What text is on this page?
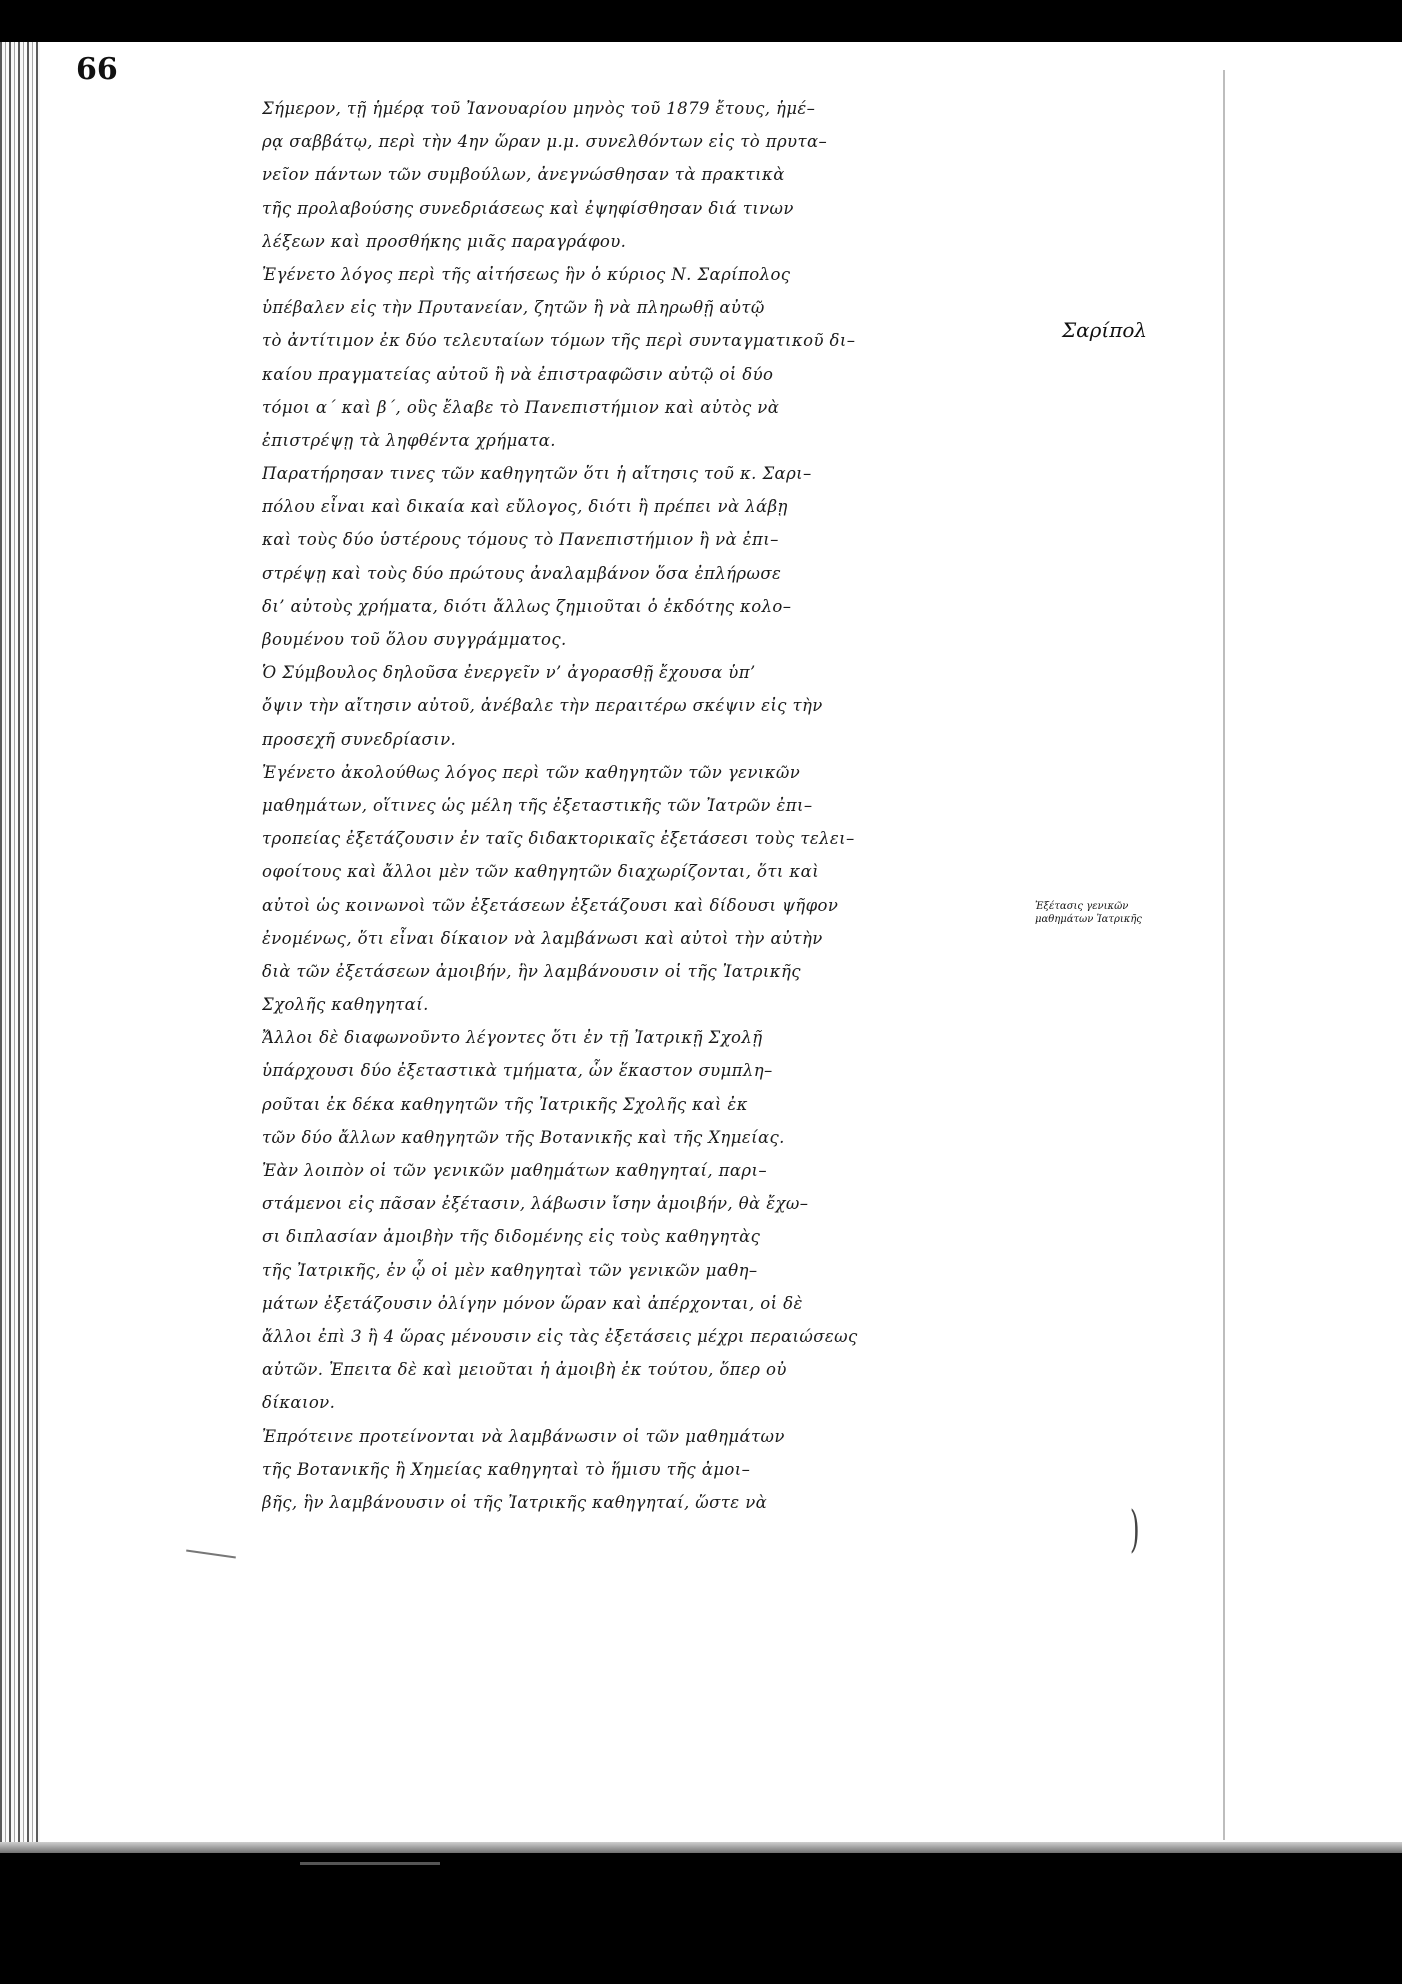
66
Σαρίπολ
Ἐξέτασις γενικῶν μαθημάτων Ἰατρικῆς
Σήμερον, τῇ ἡμέρᾳ τοῦ Ἰανουαρίου μηνὸς τοῦ 1879 ἔτους, ἡμέ–
ρᾳ σαββάτῳ, περὶ τὴν 4ην ὥραν μ.μ. συνελθόντων εἰς τὸ πρυτα–
νεῖον πάντων τῶν συμβούλων, ἀνεγνώσθησαν τὰ πρακτικὰ
τῆς προλαβούσης συνεδριάσεως καὶ ἐψηφίσθησαν διά τινων
λέξεων καὶ προσθήκης μιᾶς παραγράφου.
Ἐγένετο λόγος περὶ τῆς αἰτήσεως ἣν ὁ κύριος Ν. Σαρίπολος
ὑπέβαλεν εἰς τὴν Πρυτανείαν, ζητῶν ἢ νὰ πληρωθῇ αὐτῷ
τὸ ἀντίτιμον ἐκ δύο τελευταίων τόμων τῆς περὶ συνταγματικοῦ δι–
καίου πραγματείας αὐτοῦ ἢ νὰ ἐπιστραφῶσιν αὐτῷ οἱ δύο
τόμοι α΄ καὶ β΄, οὓς ἔλαβε τὸ Πανεπιστήμιον καὶ αὐτὸς νὰ
ἐπιστρέψῃ τὰ ληφθέντα χρήματα.
Παρατήρησαν τινες τῶν καθηγητῶν ὅτι ἡ αἴτησις τοῦ κ. Σαρι–
πόλου εἶναι καὶ δικαία καὶ εὔλογος, διότι ἢ πρέπει νὰ λάβῃ
καὶ τοὺς δύο ὑστέρους τόμους τὸ Πανεπιστήμιον ἢ νὰ ἐπι–
στρέψῃ καὶ τοὺς δύο πρώτους ἀναλαμβάνον ὅσα ἐπλήρωσε
δι’ αὐτοὺς χρήματα, διότι ἄλλως ζημιοῦται ὁ ἐκδότης κολο–
βουμένου τοῦ ὅλου συγγράμματος.
Ὁ Σύμβουλος δηλοῦσα ἐνεργεῖν ν’ ἀγορασθῇ ἔχουσα ὑπ’
ὄψιν τὴν αἴτησιν αὐτοῦ, ἀνέβαλε τὴν περαιτέρω σκέψιν εἰς τὴν
προσεχῆ συνεδρίασιν.
Ἐγένετο ἀκολούθως λόγος περὶ τῶν καθηγητῶν τῶν γενικῶν
μαθημάτων, οἵτινες ὡς μέλη τῆς ἐξεταστικῆς τῶν Ἰατρῶν ἐπι–
τροπείας ἐξετάζουσιν ἐν ταῖς διδακτορικαῖς ἐξετάσεσι τοὺς τελει–
οφοίτους καὶ ἄλλοι μὲν τῶν καθηγητῶν διαχωρίζονται, ὅτι καὶ
αὐτοὶ ὡς κοινωνοὶ τῶν ἐξετάσεων ἐξετάζουσι καὶ δίδουσι ψῆφον
ἐνομένως, ὅτι εἶναι δίκαιον νὰ λαμβάνωσι καὶ αὐτοὶ τὴν αὐτὴν
διὰ τῶν ἐξετάσεων ἀμοιβήν, ἣν λαμβάνουσιν οἱ τῆς Ἰατρικῆς
Σχολῆς καθηγηταί.
Ἄλλοι δὲ διαφωνοῦντο λέγοντες ὅτι ἐν τῇ Ἰατρικῇ Σχολῇ
ὑπάρχουσι δύο ἐξεταστικὰ τμήματα, ὧν ἕκαστον συμπλη–
ροῦται ἐκ δέκα καθηγητῶν τῆς Ἰατρικῆς Σχολῆς καὶ ἐκ
τῶν δύο ἄλλων καθηγητῶν τῆς Βοτανικῆς καὶ τῆς Χημείας.
Ἐὰν λοιπὸν οἱ τῶν γενικῶν μαθημάτων καθηγηταί, παρι–
στάμενοι εἰς πᾶσαν ἐξέτασιν, λάβωσιν ἴσην ἀμοιβήν, θὰ ἔχω–
σι διπλασίαν ἀμοιβὴν τῆς διδομένης εἰς τοὺς καθηγητὰς
τῆς Ἰατρικῆς, ἐν ᾧ οἱ μὲν καθηγηταὶ τῶν γενικῶν μαθη–
μάτων ἐξετάζουσιν ὀλίγην μόνον ὥραν καὶ ἀπέρχονται, οἱ δὲ
ἄλλοι ἐπὶ 3 ἢ 4 ὥρας μένουσιν εἰς τὰς ἐξετάσεις μέχρι περαιώσεως
αὐτῶν. Ἐπειτα δὲ καὶ μειοῦται ἡ ἀμοιβὴ ἐκ τούτου, ὅπερ οὐ
δίκαιον.
Ἐπρότεινε προτείνονται νὰ λαμβάνωσιν οἱ τῶν μαθημάτων
τῆς Βοτανικῆς ἢ Χημείας καθηγηταὶ τὸ ἥμισυ τῆς ἀμοι–
βῆς, ἣν λαμβάνουσιν οἱ τῆς Ἰατρικῆς καθηγηταί, ὥστε νὰ	)
